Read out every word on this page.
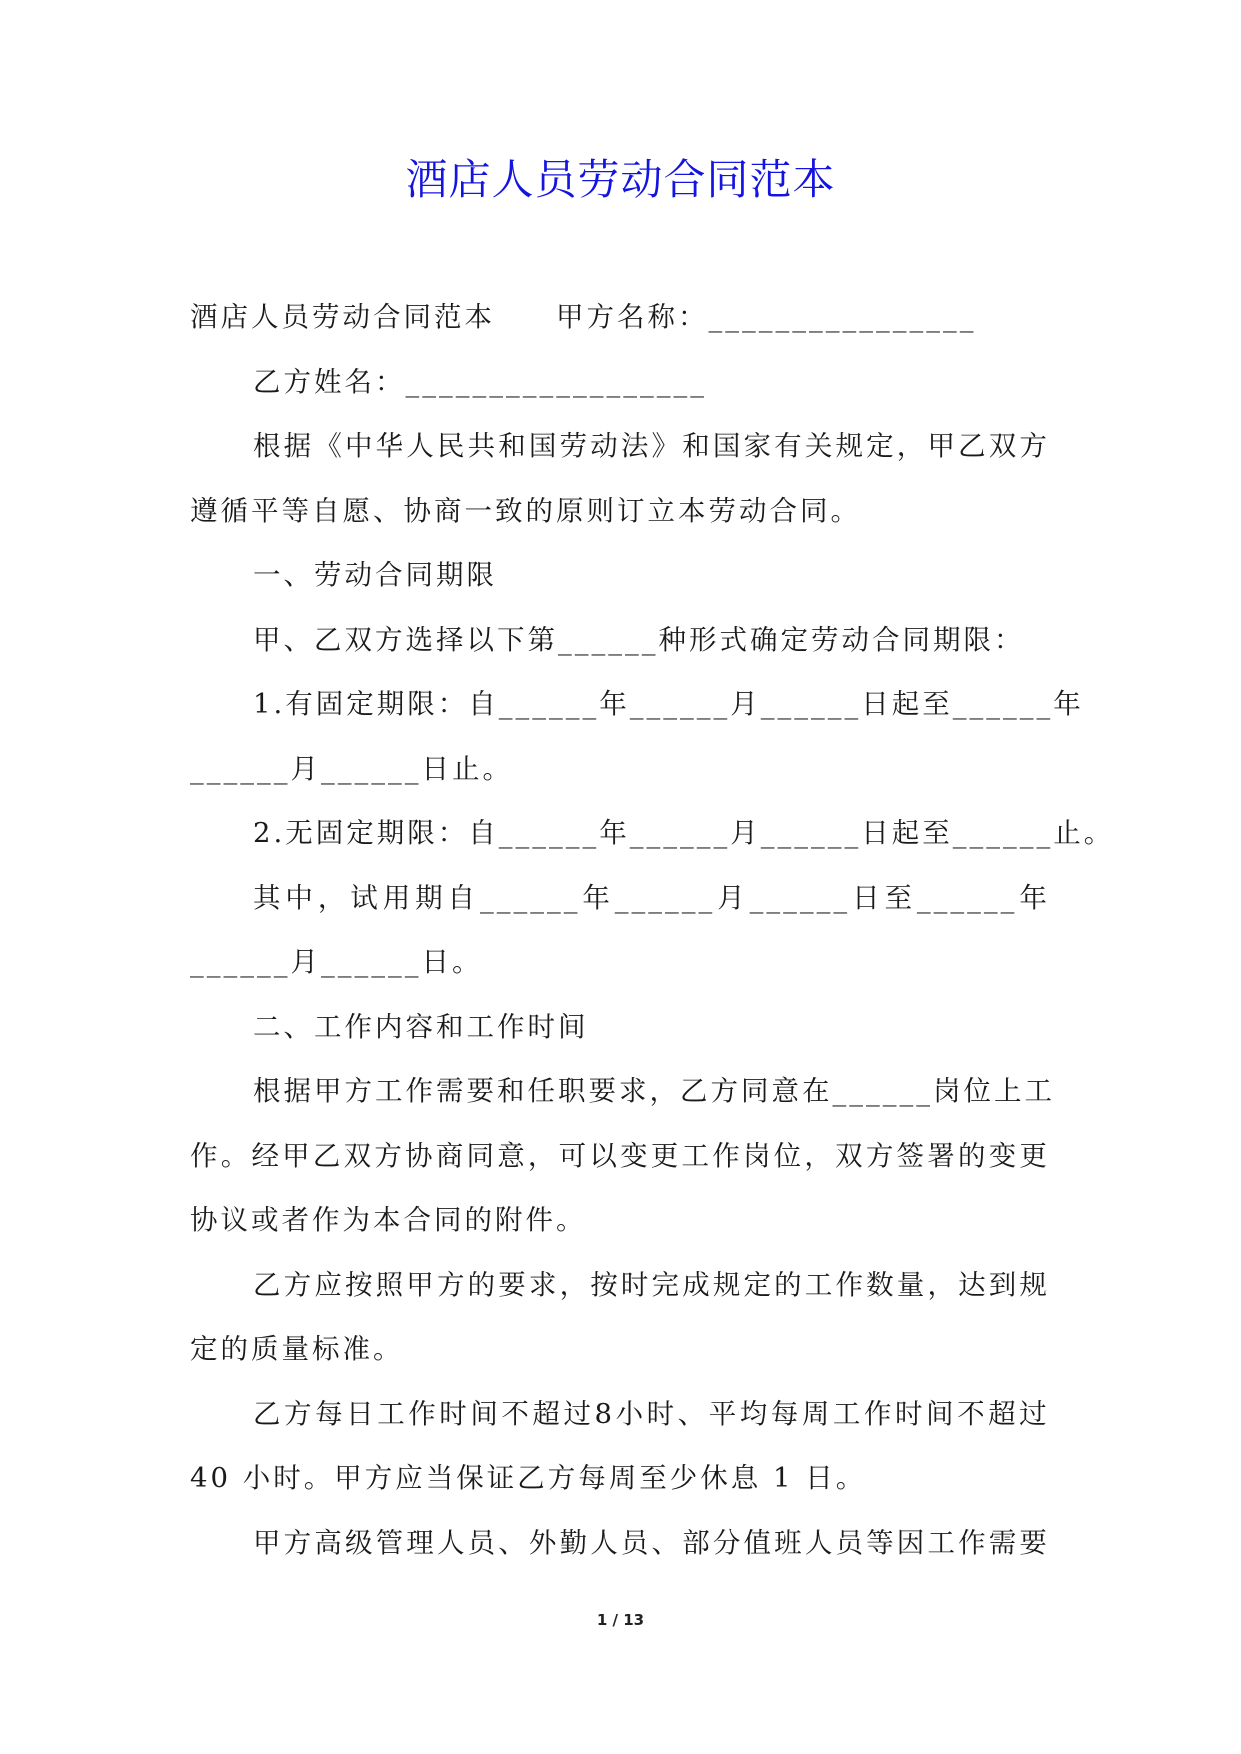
酒店人员劳动合同范本

酒店人员劳动合同范本　　甲方名称：________________

乙方姓名：__________________

根 据 《 中 华 人 民 共 和 国 劳 动 法 》 和 国 家 有 关 规 定 ， 甲 乙 双 方

遵循平等自愿、协商一致的原则订立本劳动合同。

一、劳动合同期限

甲、乙双方选择以下第______种形式确定劳动合同期限：

1. 有 固 定 期 限 ： 自 ______ 年 ______ 月 ______ 日 起 至 ______ 年

______月______日止。

2. 无 固 定 期 限 ： 自 ______ 年 ______ 月 ______ 日 起 至 ______ 止 。

其 中 ， 试 用 期 自 ______ 年 ______ 月 ______ 日 至 ______ 年

______月______日。

二、工作内容和工作时间

根 据 甲 方 工 作 需 要 和 任 职 要 求 ， 乙 方 同 意 在 ______ 岗 位 上 工

作 。 经 甲 乙 双 方 协 商 同 意 ， 可 以 变 更 工 作 岗 位 ， 双 方 签 署 的 变 更

协议或者作为本合同的附件。

乙 方 应 按 照 甲 方 的 要 求 ， 按 时 完 成 规 定 的 工 作 数 量 ， 达 到 规

定的质量标准。

乙 方 每 日 工 作 时 间 不 超 过 8 小 时 、 平 均 每 周 工 作 时 间 不 超 过

40 小时。甲方应当保证乙方每周至少休息 1 日。

甲 方 高 级 管 理 人 员 、 外 勤 人 员 、 部 分 值 班 人 员 等 因 工 作 需 要

1 / 13
